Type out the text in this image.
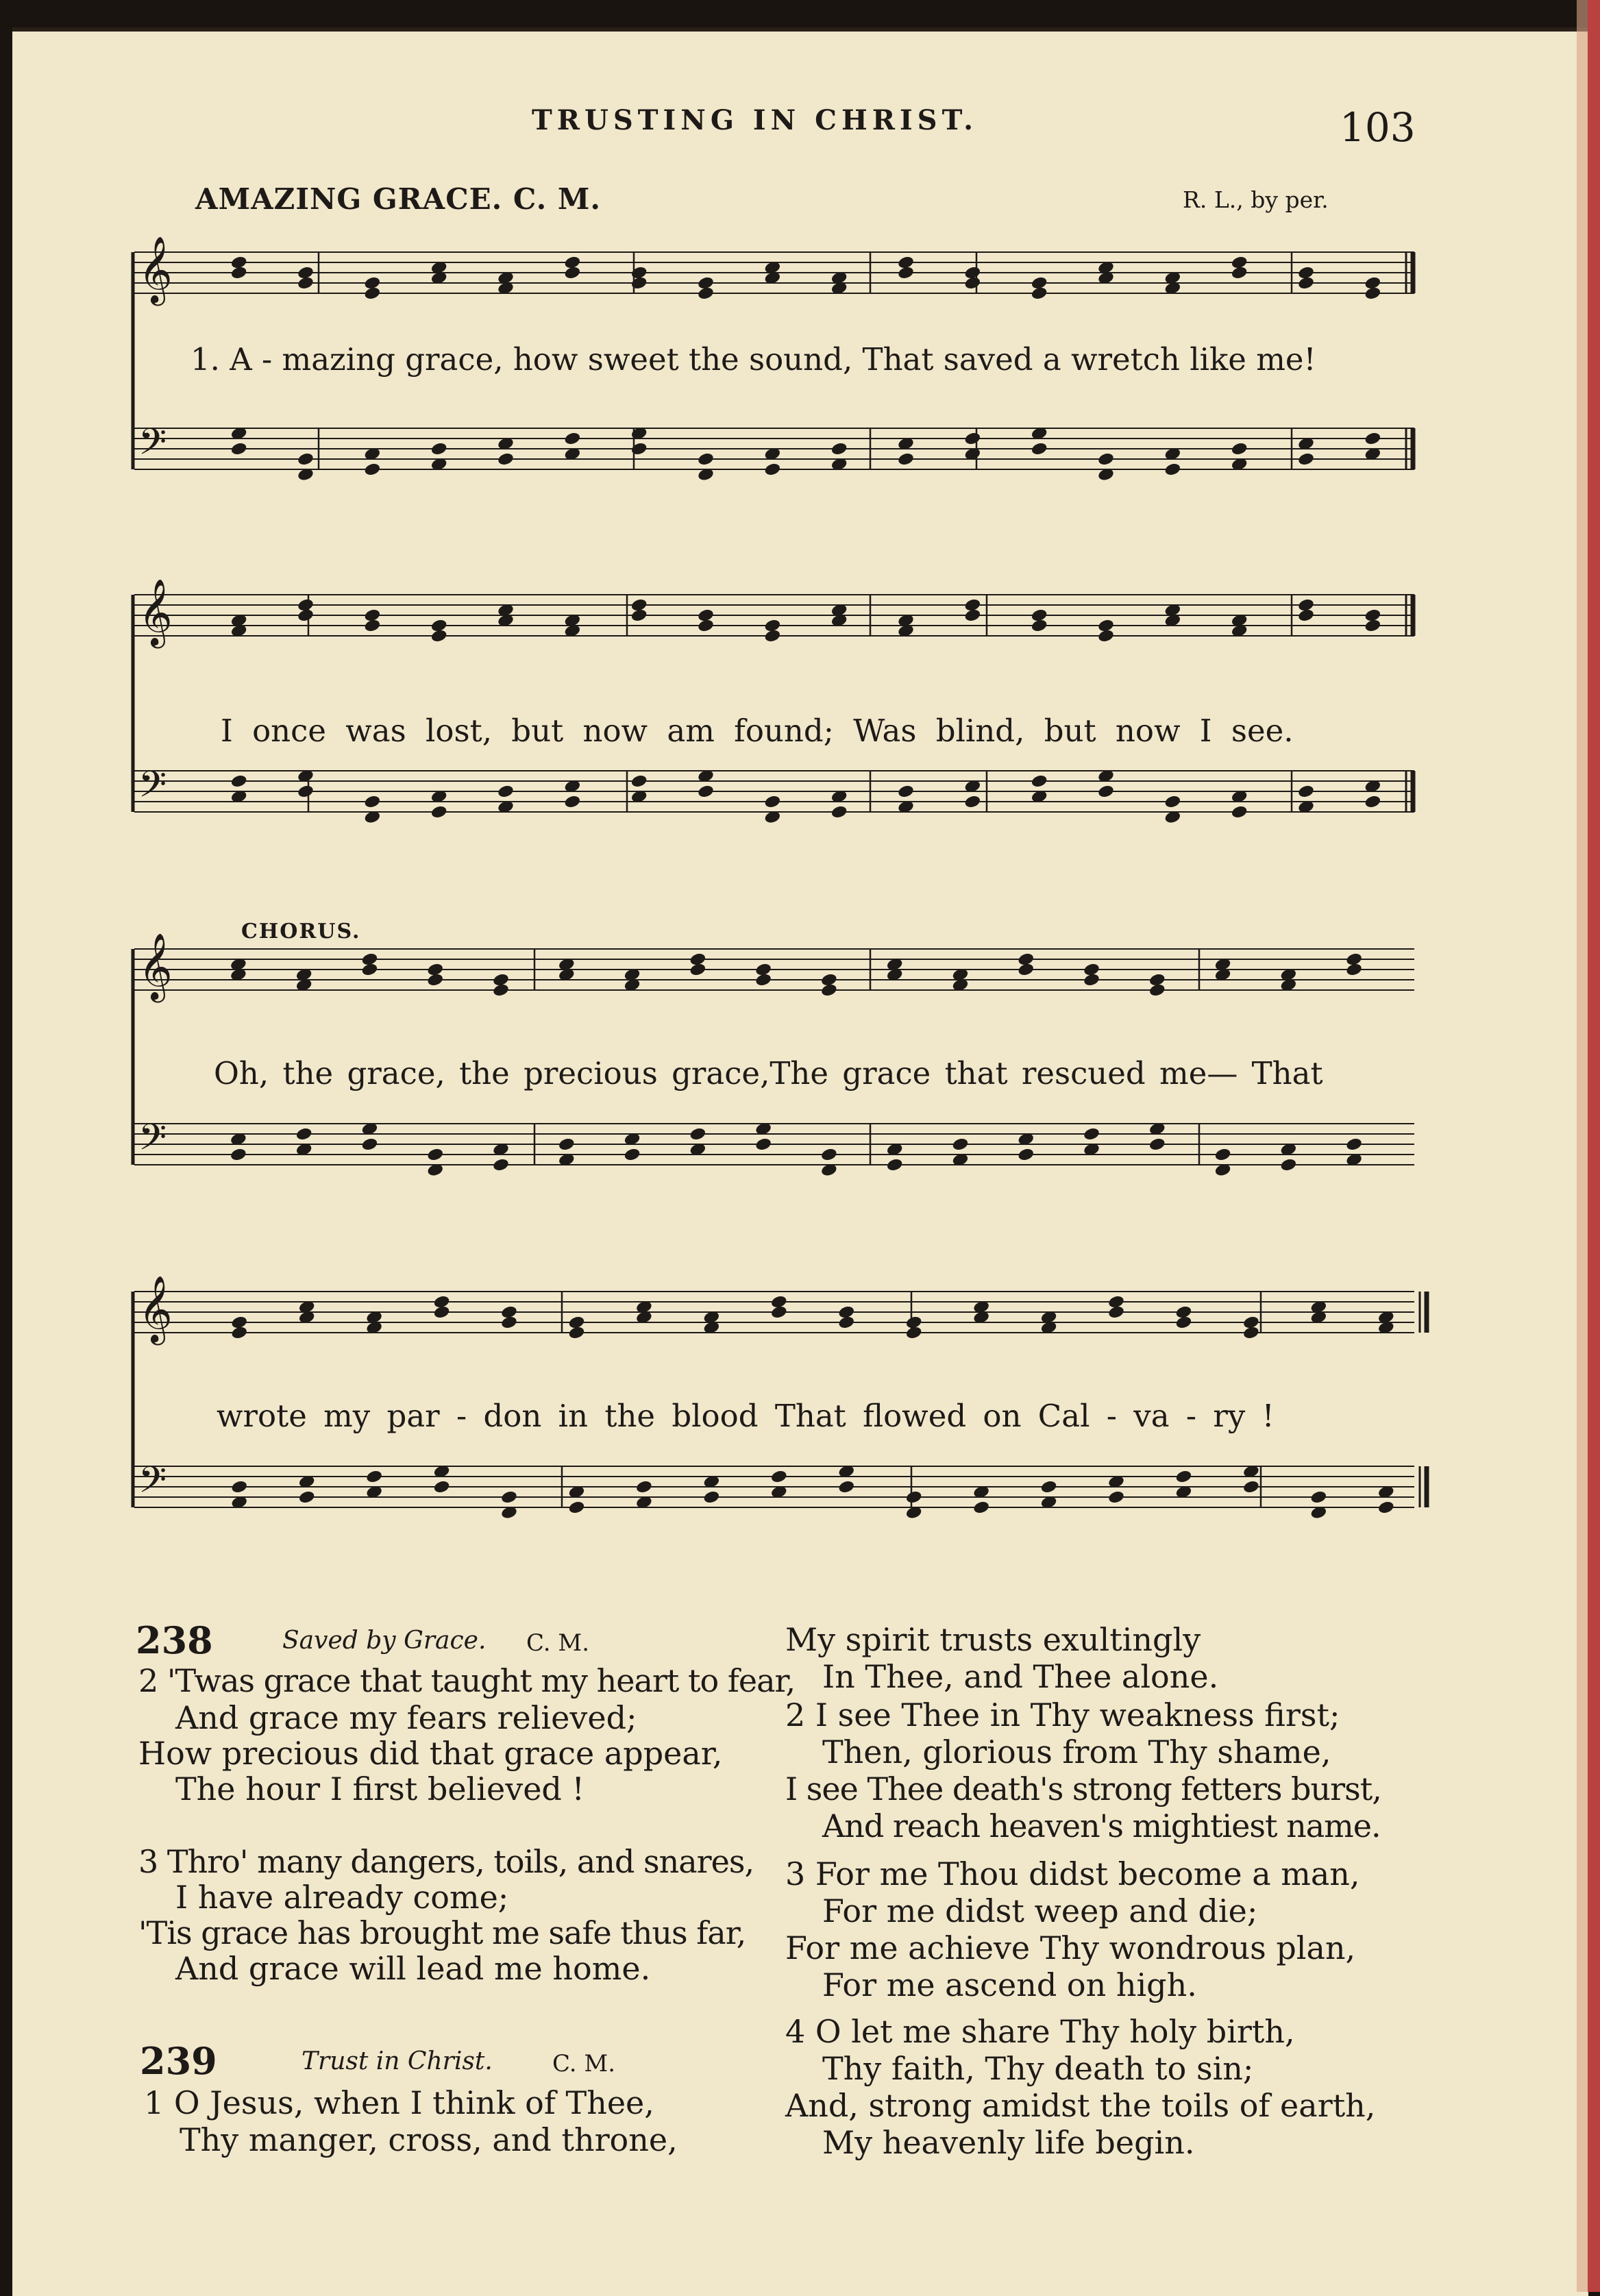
TRUSTING IN CHRIST.	103
AMAZING GRACE. C. M.	R. L., by per.
𝄞
𝄢
𝄞
𝄢
𝄞
𝄢
𝄞
𝄢
1. A - mazing grace, how sweet the sound, That saved a wretch like me!
I once was lost, but now am found; Was blind, but now I see.
CHORUS.
Oh, the grace, the precious grace,The grace that rescued me— That
wrote my par - don in the blood That flowed on Cal - va - ry !
238	Saved by Grace. C. M.
2 'Twas grace that taught my heart to fear,
And grace my fears relieved;
How precious did that grace appear,
The hour I first believed !
3 Thro' many dangers, toils, and snares,
I have already come;
'Tis grace has brought me safe thus far,
And grace will lead me home.
239	Trust in Christ.	C. M.
1 O Jesus, when I think of Thee,
Thy manger, cross, and throne,
My spirit trusts exultingly
In Thee, and Thee alone.
2 I see Thee in Thy weakness first;
Then, glorious from Thy shame,
I see Thee death's strong fetters burst,
And reach heaven's mightiest name.
3 For me Thou didst become a man,
For me didst weep and die;
For me achieve Thy wondrous plan,
For me ascend on high.
4 O let me share Thy holy birth,
Thy faith, Thy death to sin;
And, strong amidst the toils of earth,
My heavenly life begin.
